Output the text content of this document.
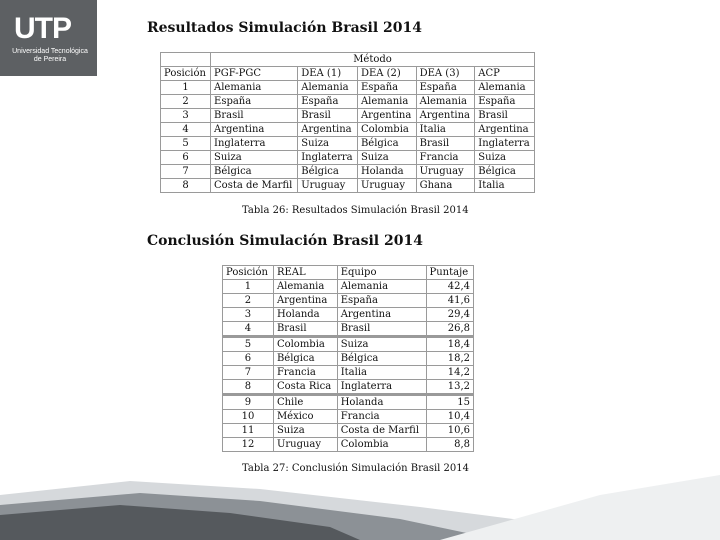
UTP
Universidad Tecnológica de Pereira
Resultados Simulación Brasil 2014
	Método				
Posición	PGF-PGC	DEA (1)	DEA (2)	DEA (3)	ACP
1	Alemania	Alemania	España	España	Alemania
2	España	España	Alemania	Alemania	España
3	Brasil	Brasil	Argentina	Argentina	Brasil
4	Argentina	Argentina	Colombia	Italia	Argentina
5	Inglaterra	Suiza	Bélgica	Brasil	Inglaterra
6	Suiza	Inglaterra	Suiza	Francia	Suiza
7	Bélgica	Bélgica	Holanda	Uruguay	Bélgica
8	Costa de Marfil	Uruguay	Uruguay	Ghana	Italia
Tabla 26: Resultados Simulación Brasil 2014
Conclusión Simulación Brasil 2014
Posición	REAL	Equipo	Puntaje
1	Alemania	Alemania	42,4
2	Argentina	España	41,6
3	Holanda	Argentina	29,4
4	Brasil	Brasil	26,8
5	Colombia	Suiza	18,4
6	Bélgica	Bélgica	18,2
7	Francia	Italia	14,2
8	Costa Rica	Inglaterra	13,2
9	Chile	Holanda	15
10	México	Francia	10,4
11	Suiza	Costa de Marfil	10,6
12	Uruguay	Colombia	8,8
Tabla 27: Conclusión Simulación Brasil 2014
